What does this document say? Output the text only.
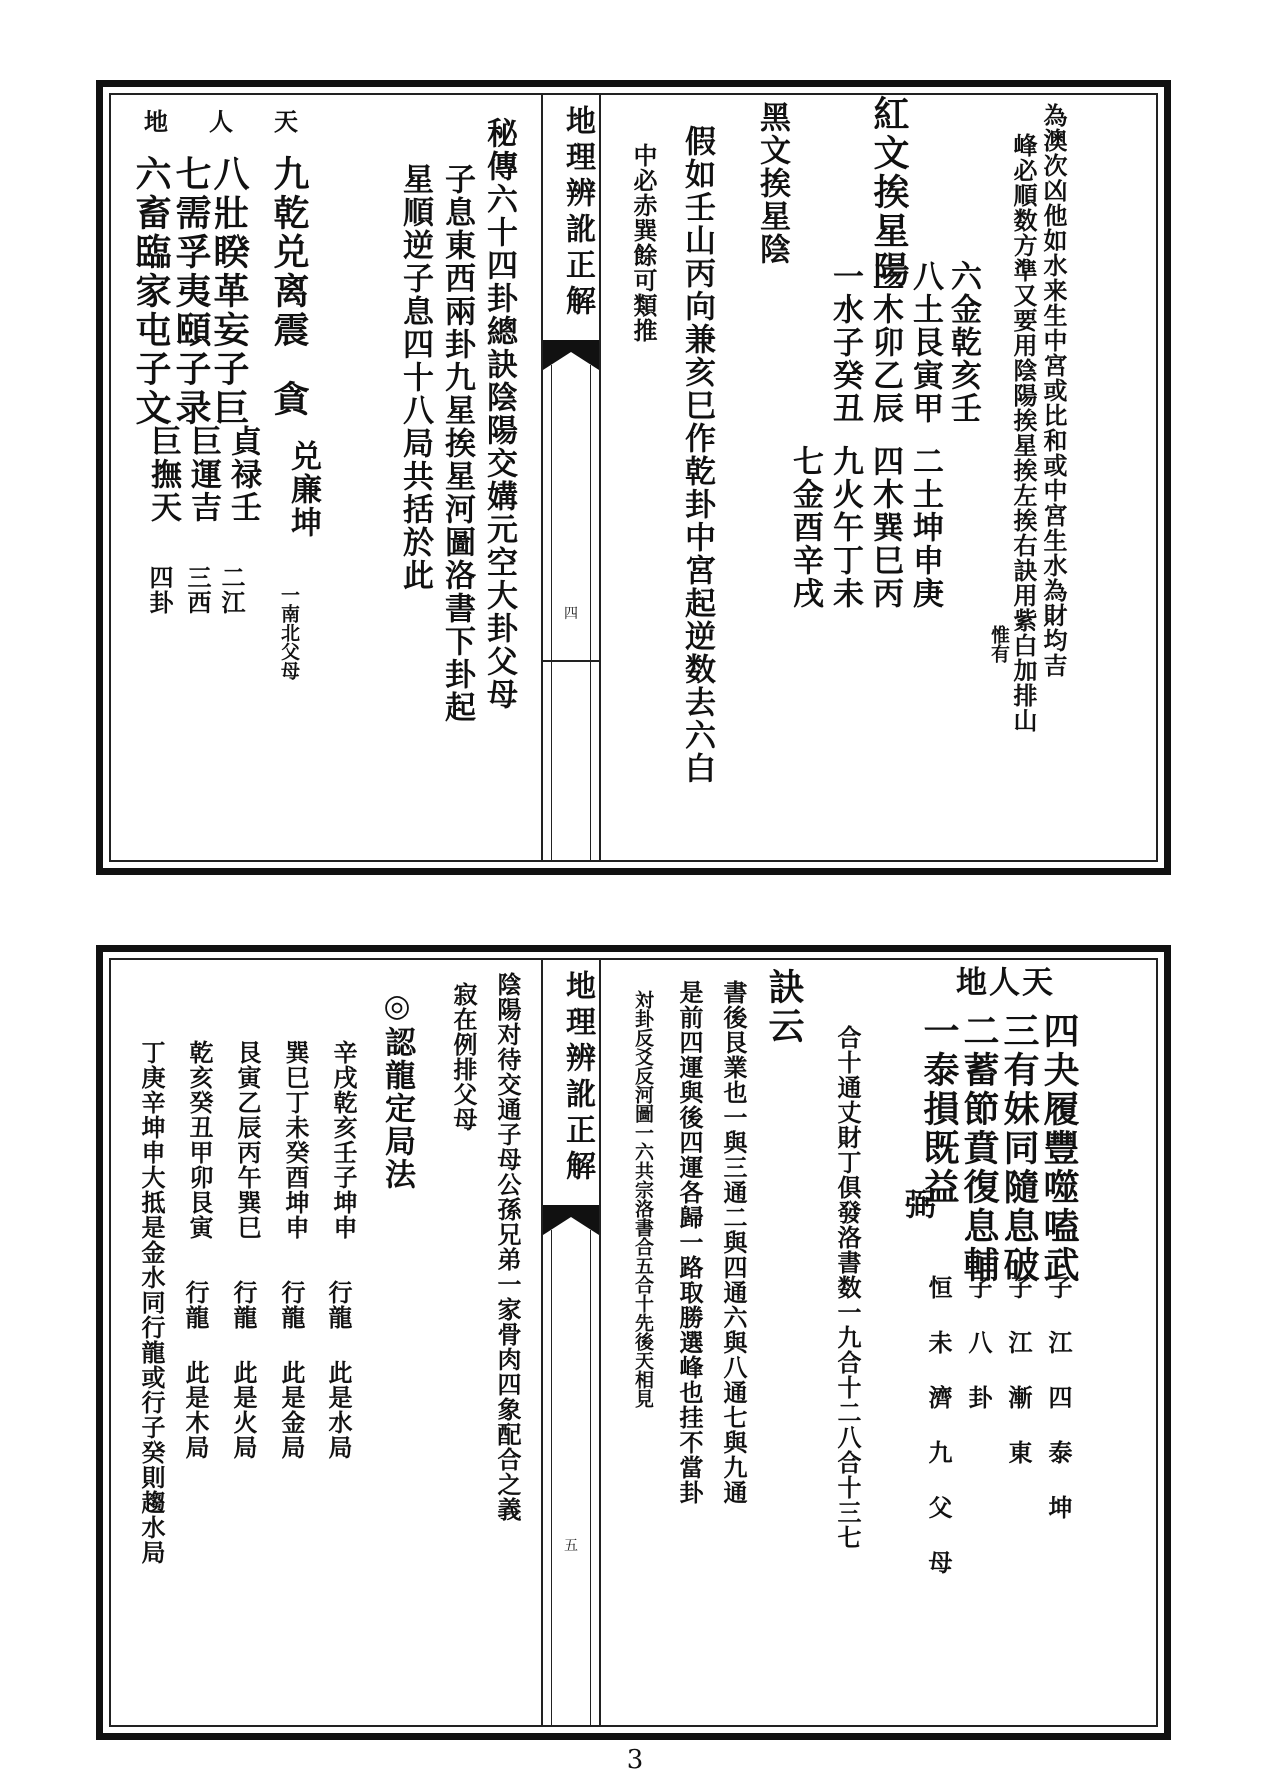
地理辨訛正解
四	為澳次凶他如水来生中宮或比和或中宮生水為財均吉
峰必順数方準又要用陰陽挨星挨左挨右訣用紫白加排山
惟有
紅文挨星陽
黑文挨星陰
六金乾亥壬
八土艮寅甲
三木卯乙辰
一水子癸丑
二土坤申庚
四木巽巳丙
九火午丁未
七金酉辛戌
假如壬山丙向兼亥巳作乾卦中宮起逆数去六白
中必赤巽餘可類推
秘傳六十四卦總訣陰陽交媾元空大卦父母
子息東西兩卦九星挨星河圖洛書下卦起
星順逆子息四十八局共括於此
地 人 天
九乾兑离震貪
八壯睽革妄子巨
七需孚夷頤子录
六畜臨家屯子文
兑廉坤
一南北父母
貞禄壬
二江
巨運吉
三西
巨撫天
四卦
地理辨訛正解
五
地人天
四夬履豐噬嗑武
三有妹同隨息破
二蓄節賁復息輔
一泰損既益
弼
子 江 四 泰 坤
子 江 漸 東
子 八 卦
恒 未 濟 九 父 母
訣云
合十通丈財丁俱發洛書数一九合十二八合十三七
書後艮業也一與三通二與四通六與八通七與九通
是前四運與後四運各歸一路取勝選峰也挂不當卦
対卦反爻反河圖一六共宗洛書合五合十先後天相見
陰陽对待交通子母公孫兄弟一家骨肉四象配合之義
寂在例排父母
◎認龍定局法
辛戌乾亥壬子坤申
行龍
此是水局
巽巳丁未癸酉坤申
行龍
此是金局
艮寅乙辰丙午巽巳
行龍
此是火局
乾亥癸丑甲卯艮寅
行龍
此是木局
丁庚辛坤申大抵是金水同行龍或行子癸則趨水局
3
